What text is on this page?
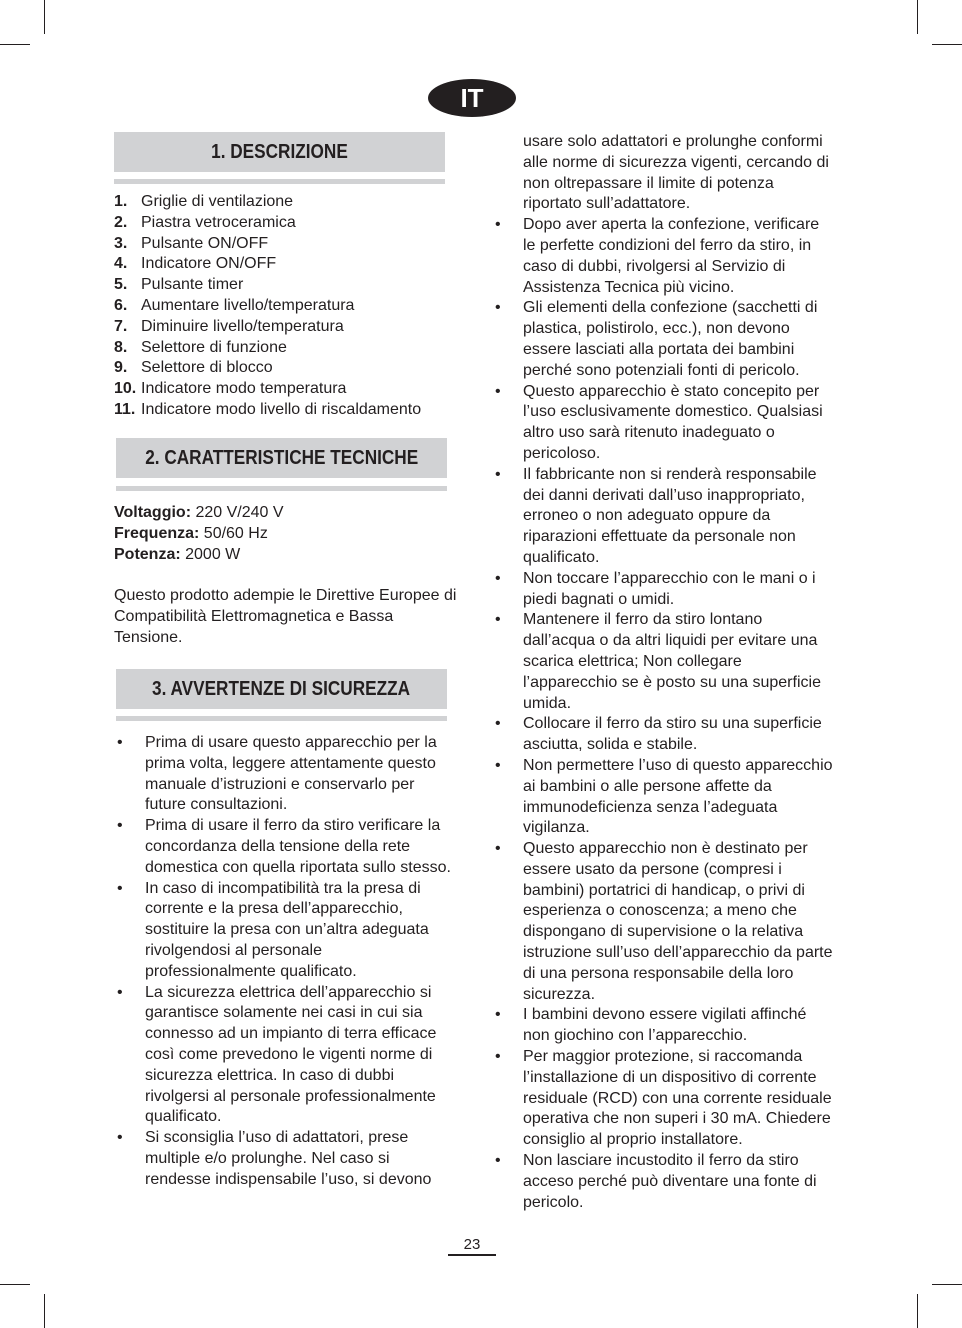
IT
1. DESCRIZIONE
1. Griglie di ventilazione
2. Piastra vetroceramica
3. Pulsante ON/OFF
4. Indicatore ON/OFF
5. Pulsante timer
6. Aumentare livello/temperatura
7. Diminuire livello/temperatura
8. Selettore di funzione
9. Selettore di blocco
10. Indicatore modo temperatura
11. Indicatore modo livello di riscaldamento
2. CARATTERISTICHE TECNICHE

Voltaggio: 220 V/240 V

Frequenza: 50/60 Hz

Potenza: 2000 W

Questo prodotto adempie le Direttive Europee di Compatibilità Elettromagnetica e Bassa Tensione.

3. AVVERTENZE DI SICUREZZA
• Prima di usare questo apparecchio per la prima volta, leggere attentamente questo manuale d’istruzioni e conservarlo per future consultazioni.
• Prima di usare il ferro da stiro verificare la concordanza della tensione della rete domestica con quella riportata sullo stesso.
• In caso di incompatibilità tra la presa di corrente e la presa dell’apparecchio, sostituire la presa con un’altra adeguata rivolgendosi al personale professionalmente qualificato.
• La sicurezza elettrica dell’apparecchio si garantisce solamente nei casi in cui sia connesso ad un impianto di terra efficace così come prevedono le vigenti norme di sicurezza elettrica. In caso di dubbi rivolgersi al personale professionalmente qualificato.
• Si sconsiglia l’uso di adattatori, prese multiple e/o prolunghe. Nel caso si rendesse indispensabile l’uso, si devono
usare solo adattatori e prolunghe conformi alle norme di sicurezza vigenti, cercando di non oltrepassare il limite di potenza riportato sull’adattatore.
• Dopo aver aperta la confezione, verificare le perfette condizioni del ferro da stiro, in caso di dubbi, rivolgersi al Servizio di Assistenza Tecnica più vicino.
• Gli elementi della confezione (sacchetti di plastica, polistirolo, ecc.), non devono essere lasciati alla portata dei bambini perché sono potenziali fonti di pericolo.
• Questo apparecchio è stato concepito per l’uso esclusivamente domestico. Qualsiasi altro uso sarà ritenuto inadeguato o pericoloso.
• Il fabbricante non si renderà responsabile dei danni derivati dall’uso inappropriato, erroneo o non adeguato oppure da riparazioni effettuate da personale non qualificato.
• Non toccare l’apparecchio con le mani o i piedi bagnati o umidi.
• Mantenere il ferro da stiro lontano dall’acqua o da altri liquidi per evitare una scarica elettrica; Non collegare l’apparecchio se è posto su una superficie umida.
• Collocare il ferro da stiro su una superficie asciutta, solida e stabile.
• Non permettere l’uso di questo apparecchio ai bambini o alle persone affette da immunodeficienza senza l’adeguata vigilanza.
• Questo apparecchio non è destinato per essere usato da persone (compresi i bambini) portatrici di handicap, o privi di esperienza o conoscenza; a meno che dispongano di supervisione o la relativa istruzione sull’uso dell’apparecchio da parte di una persona responsabile della loro sicurezza.
• I bambini devono essere vigilati affinché non giochino con l’apparecchio.
• Per maggior protezione, si raccomanda l’installazione di un dispositivo di corrente residuale (RCD) con una corrente residuale operativa che non superi i 30 mA. Chiedere consiglio al proprio installatore.
• Non lasciare incustodito il ferro da stiro acceso perché può diventare una fonte di pericolo.
23
